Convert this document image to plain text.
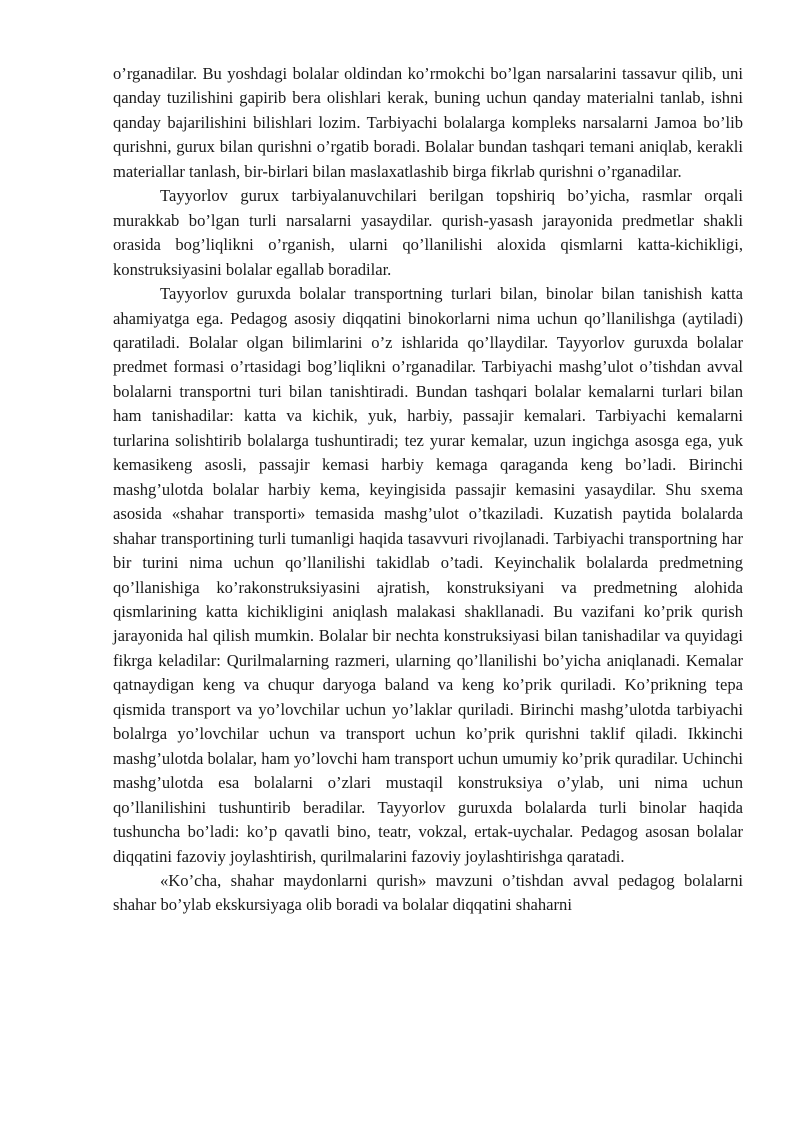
o’rganadilar. Bu yoshdagi bolalar oldindan ko’rmokchi bo’lgan narsalarini tassavur qilib, uni qanday tuzilishini gapirib bera olishlari kerak, buning uchun qanday materialni tanlab, ishni qanday bajarilishini bilishlari lozim. Tarbiyachi bolalarga kompleks narsalarni Jamoa bo’lib qurishni, gurux bilan qurishni o’rgatib boradi. Bolalar bundan tashqari temani aniqlab, kerakli materiallar tanlash, bir-birlari bilan maslaxatlashib birga fikrlab qurishni o’rganadilar.

Tayyorlov gurux tarbiyalanuvchilari berilgan topshiriq bo’yicha, rasmlar orqali murakkab bo’lgan turli narsalarni yasaydilar. qurish-yasash jarayonida predmetlar shakli orasida bog’liqlikni o’rganish, ularni qo’llanilishi aloxida qismlarni katta-kichikligi, konstruksiyasini bolalar egallab boradilar.

Tayyorlov guruxda bolalar transportning turlari bilan, binolar bilan tanishish katta ahamiyatga ega. Pedagog asosiy diqqatini binokorlarni nima uchun qo’llanilishga (aytiladi) qaratiladi. Bolalar olgan bilimlarini o’z ishlarida qo’llaydilar. Tayyorlov guruxda bolalar predmet formasi o’rtasidagi bog’liqlikni o’rganadilar. Tarbiyachi mashg’ulot o’tishdan avval bolalarni transportni turi bilan tanishtiradi. Bundan tashqari bolalar kemalarni turlari bilan ham tanishadilar: katta va kichik, yuk, harbiy, passajir kemalari. Tarbiyachi kemalarni turlarina solishtirib bolalarga tushuntiradi; tez yurar kemalar, uzun ingichga asosga ega, yuk kemasikeng asosli, passajir kemasi harbiy kemaga qaraganda keng bo’ladi. Birinchi mashg’ulotda bolalar harbiy kema, keyingisida passajir kemasini yasaydilar. Shu sxema asosida «shahar transporti» temasida mashg’ulot o’tkaziladi. Kuzatish paytida bolalarda shahar transportining turli tumanligi haqida tasavvuri rivojlanadi. Tarbiyachi transportning har bir turini nima uchun qo’llanilishi takidlab o’tadi. Keyinchalik bolalarda predmetning qo’llanishiga ko’rakonstruksiyasini ajratish, konstruksiyani va predmetning alohida qismlarining katta kichikligini aniqlash malakasi shakllanadi. Bu vazifani ko’prik qurish jarayonida hal qilish mumkin. Bolalar bir nechta konstruksiyasi bilan tanishadilar va quyidagi fikrga keladilar: Qurilmalarning razmeri, ularning qo’llanilishi bo’yicha aniqlanadi. Kemalar qatnaydigan keng va chuqur daryoga baland va keng ko’prik quriladi. Ko’prikning tepa qismida transport va yo’lovchilar uchun yo’laklar quriladi. Birinchi mashg’ulotda tarbiyachi bolalrga yo’lovchilar uchun va transport uchun ko’prik qurishni taklif qiladi. Ikkinchi mashg’ulotda bolalar, ham yo’lovchi ham transport uchun umumiy ko’prik quradilar. Uchinchi mashg’ulotda esa bolalarni o’zlari mustaqil konstruksiya o’ylab, uni nima uchun qo’llanilishini tushuntirib beradilar. Tayyorlov guruxda bolalarda turli binolar haqida tushuncha bo’ladi: ko’p qavatli bino, teatr, vokzal, ertak-uychalar. Pedagog asosan bolalar diqqatini fazoviy joylashtirish, qurilmalarini fazoviy joylashtirishga qaratadi.

«Ko’cha, shahar maydonlarni qurish» mavzuni o’tishdan avval pedagog bolalarni shahar bo’ylab ekskursiyaga olib boradi va bolalar diqqatini shaharni
